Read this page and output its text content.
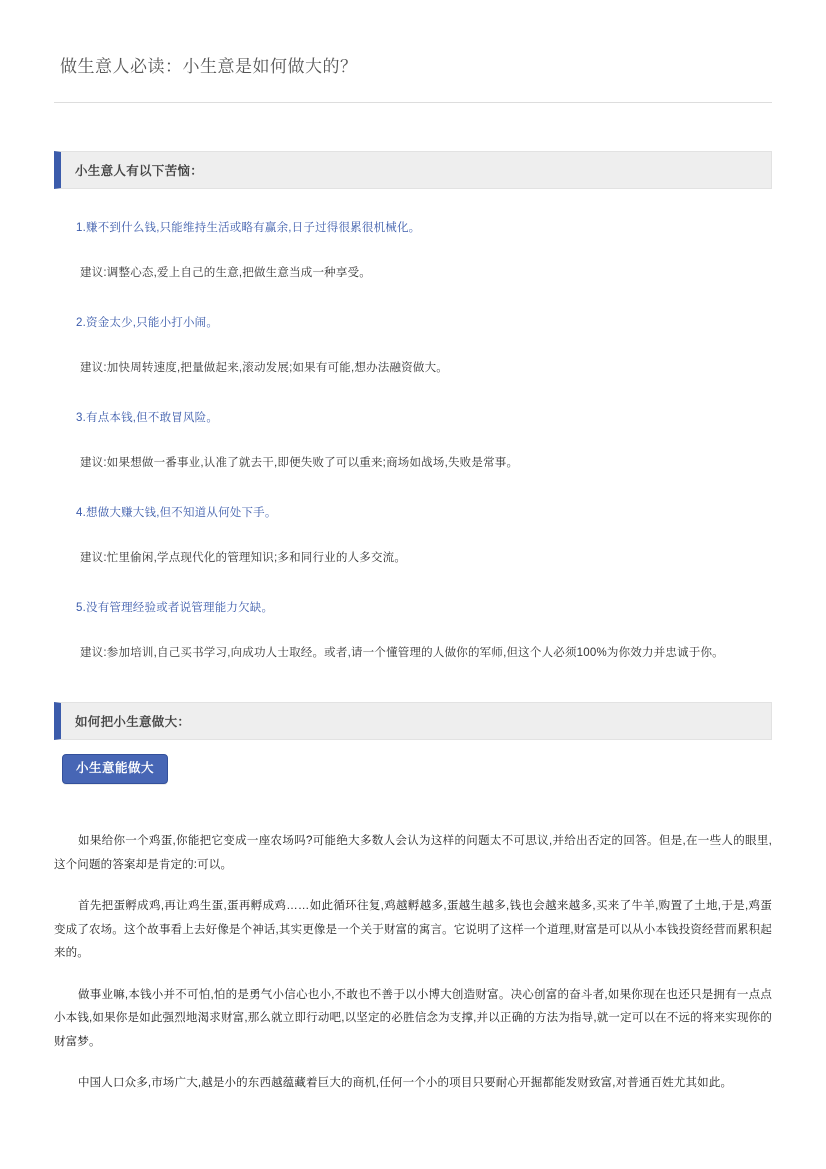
做生意人必读：小生意是如何做大的？
小生意人有以下苦恼：

1.赚不到什么钱,只能维持生活或略有赢余,日子过得很累很机械化。

建议:调整心态,爱上自己的生意,把做生意当成一种享受。

2.资金太少,只能小打小闹。

建议:加快周转速度,把量做起来,滚动发展;如果有可能,想办法融资做大。

3.有点本钱,但不敢冒风险。

建议:如果想做一番事业,认准了就去干,即便失败了可以重来;商场如战场,失败是常事。

4.想做大赚大钱,但不知道从何处下手。

建议:忙里偷闲,学点现代化的管理知识;多和同行业的人多交流。

5.没有管理经验或者说管理能力欠缺。

建议:参加培训,自己买书学习,向成功人士取经。或者,请一个懂管理的人做你的军师,但这个人必须100%为你效力并忠诚于你。

如何把小生意做大：
小生意能做大

如果给你一个鸡蛋,你能把它变成一座农场吗?可能绝大多数人会认为这样的问题太不可思议,并给出否定的回答。但是,在一些人的眼里,这个问题的答案却是肯定的:可以。

首先把蛋孵成鸡,再让鸡生蛋,蛋再孵成鸡……如此循环往复,鸡越孵越多,蛋越生越多,钱也会越来越多,买来了牛羊,购置了土地,于是,鸡蛋变成了农场。这个故事看上去好像是个神话,其实更像是一个关于财富的寓言。它说明了这样一个道理,财富是可以从小本钱投资经营而累积起来的。

做事业嘛,本钱小并不可怕,怕的是勇气小信心也小,不敢也不善于以小博大创造财富。决心创富的奋斗者,如果你现在也还只是拥有一点点小本钱,如果你是如此强烈地渴求财富,那么就立即行动吧,以坚定的必胜信念为支撑,并以正确的方法为指导,就一定可以在不远的将来实现你的财富梦。

中国人口众多,市场广大,越是小的东西越蕴藏着巨大的商机,任何一个小的项目只要耐心开掘都能发财致富,对普通百姓尤其如此。
